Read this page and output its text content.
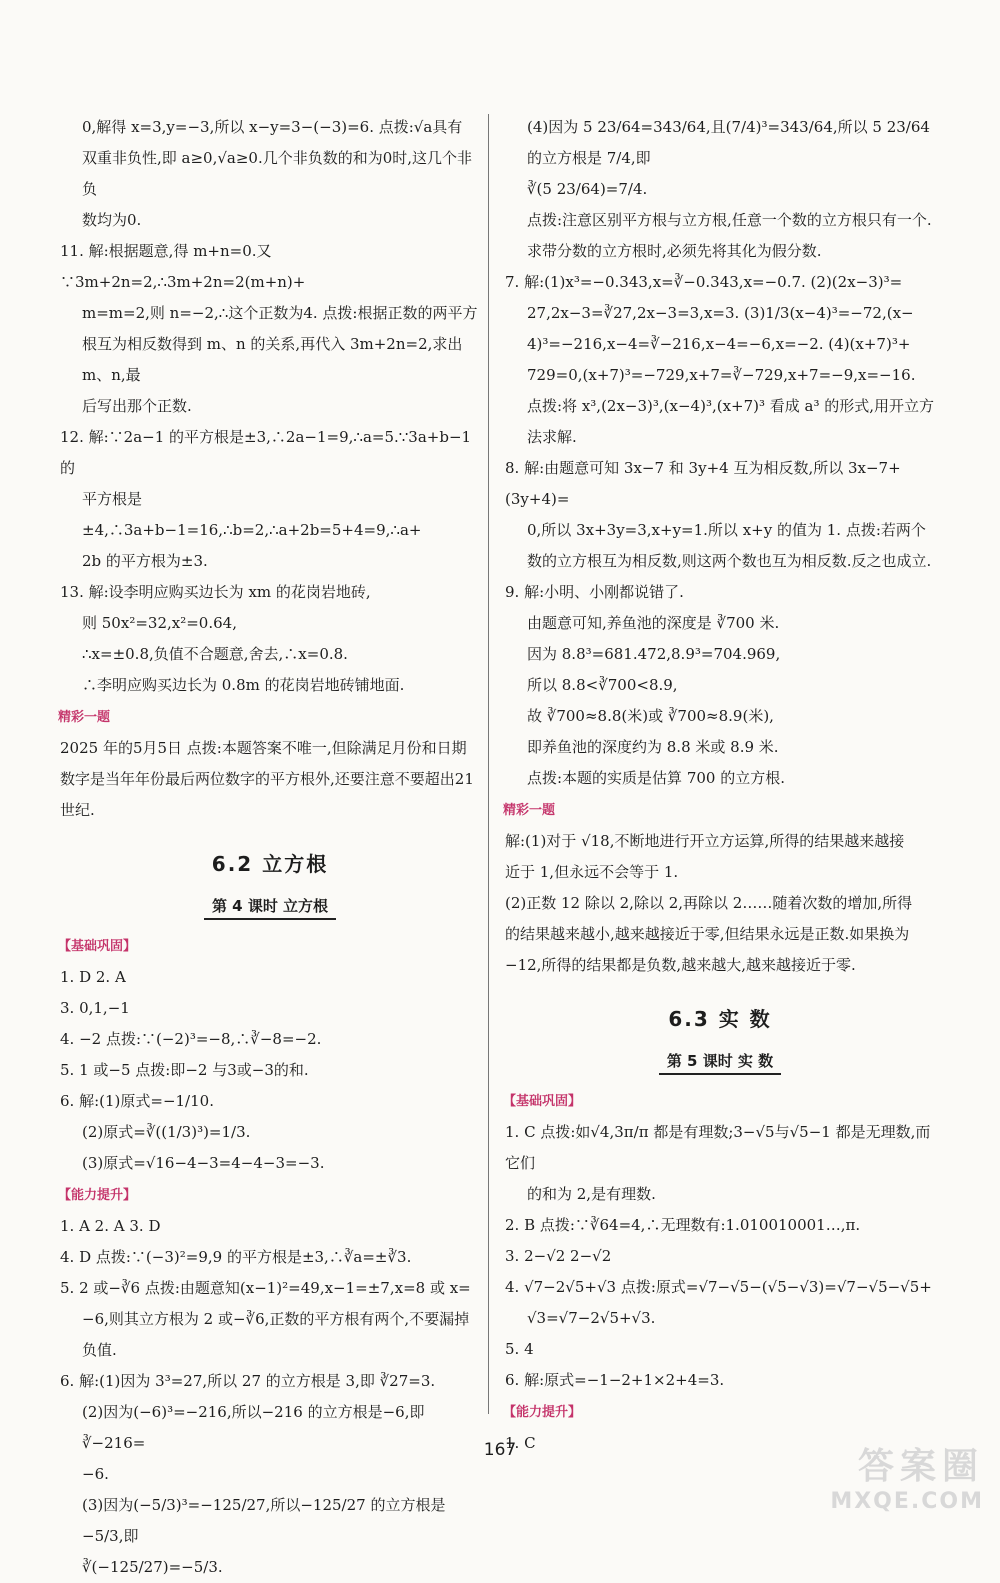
0,解得 x=3,y=−3,所以 x−y=3−(−3)=6. 点拨:√a具有

双重非负性,即 a≥0,√a≥0.几个非负数的和为0时,这几个非负

数均为0.

11. 解:根据题意,得 m+n=0.又∵3m+2n=2,∴3m+2n=2(m+n)+

m=m=2,则 n=−2,∴这个正数为4. 点拨:根据正数的两平方

根互为相反数得到 m、n 的关系,再代入 3m+2n=2,求出 m、n,最

后写出那个正数.

12. 解:∵2a−1 的平方根是±3,∴2a−1=9,∴a=5.∵3a+b−1 的

平方根是±4,∴3a+b−1=16,∴b=2,∴a+2b=5+4=9,∴a+

2b 的平方根为±3.

13. 解:设李明应购买边长为 xm 的花岗岩地砖,

则 50x²=32,x²=0.64,

∴x=±0.8,负值不合题意,舍去,∴x=0.8.

∴李明应购买边长为 0.8m 的花岗岩地砖铺地面.

精彩一题

2025 年的5月5日 点拨:本题答案不唯一,但除满足月份和日期

数字是当年年份最后两位数字的平方根外,还要注意不要超出21世纪.

6.2 立方根
第 4 课时 立方根
【基础巩固】

1. D 2. A

3. 0,1,−1

4. −2 点拨:∵(−2)³=−8,∴∛−8=−2.

5. 1 或−5 点拨:即−2 与3或−3的和.

6. 解:(1)原式=−1/10.

(2)原式=∛((1/3)³)=1/3.

(3)原式=√16−4−3=4−4−3=−3.

【能力提升】

1. A 2. A 3. D

4. D 点拨:∵(−3)²=9,9 的平方根是±3,∴∛a=±∛3.

5. 2 或−∛6 点拨:由题意知(x−1)²=49,x−1=±7,x=8 或 x=

−6,则其立方根为 2 或−∛6,正数的平方根有两个,不要漏掉

负值.

6. 解:(1)因为 3³=27,所以 27 的立方根是 3,即 ∛27=3.

(2)因为(−6)³=−216,所以−216 的立方根是−6,即 ∛−216=

−6.

(3)因为(−5/3)³=−125/27,所以−125/27 的立方根是−5/3,即

∛(−125/27)=−5/3.

(4)因为 5 23/64=343/64,且(7/4)³=343/64,所以 5 23/64 的立方根是 7/4,即

∛(5 23/64)=7/4.

点拨:注意区别平方根与立方根,任意一个数的立方根只有一个.

求带分数的立方根时,必须先将其化为假分数.

7. 解:(1)x³=−0.343,x=∛−0.343,x=−0.7. (2)(2x−3)³=

27,2x−3=∛27,2x−3=3,x=3. (3)1/3(x−4)³=−72,(x−

4)³=−216,x−4=∛−216,x−4=−6,x=−2. (4)(x+7)³+

729=0,(x+7)³=−729,x+7=∛−729,x+7=−9,x=−16.

点拨:将 x³,(2x−3)³,(x−4)³,(x+7)³ 看成 a³ 的形式,用开立方

法求解.

8. 解:由题意可知 3x−7 和 3y+4 互为相反数,所以 3x−7+(3y+4)=

0,所以 3x+3y=3,x+y=1.所以 x+y 的值为 1. 点拨:若两个

数的立方根互为相反数,则这两个数也互为相反数.反之也成立.

9. 解:小明、小刚都说错了.

由题意可知,养鱼池的深度是 ∛700 米.

因为 8.8³=681.472,8.9³=704.969,

所以 8.8<∛700<8.9,

故 ∛700≈8.8(米)或 ∛700≈8.9(米),

即养鱼池的深度约为 8.8 米或 8.9 米.

点拨:本题的实质是估算 700 的立方根.

精彩一题

解:(1)对于 √18,不断地进行开立方运算,所得的结果越来越接

近于 1,但永远不会等于 1.

(2)正数 12 除以 2,除以 2,再除以 2……随着次数的增加,所得

的结果越来越小,越来越接近于零,但结果永远是正数.如果换为

−12,所得的结果都是负数,越来越大,越来越接近于零.

6.3 实 数
第 5 课时 实 数
【基础巩固】

1. C 点拨:如√4,3π/π 都是有理数;3−√5与√5−1 都是无理数,而它们

的和为 2,是有理数.

2. B 点拨:∵∛64=4,∴无理数有:1.010010001…,π.

3. 2−√2 2−√2

4. √7−2√5+√3 点拨:原式=√7−√5−(√5−√3)=√7−√5−√5+

√3=√7−2√5+√3.

5. 4

6. 解:原式=−1−2+1×2+4=3.

【能力提升】

1. C

167	答案圈
MXQE.COM
